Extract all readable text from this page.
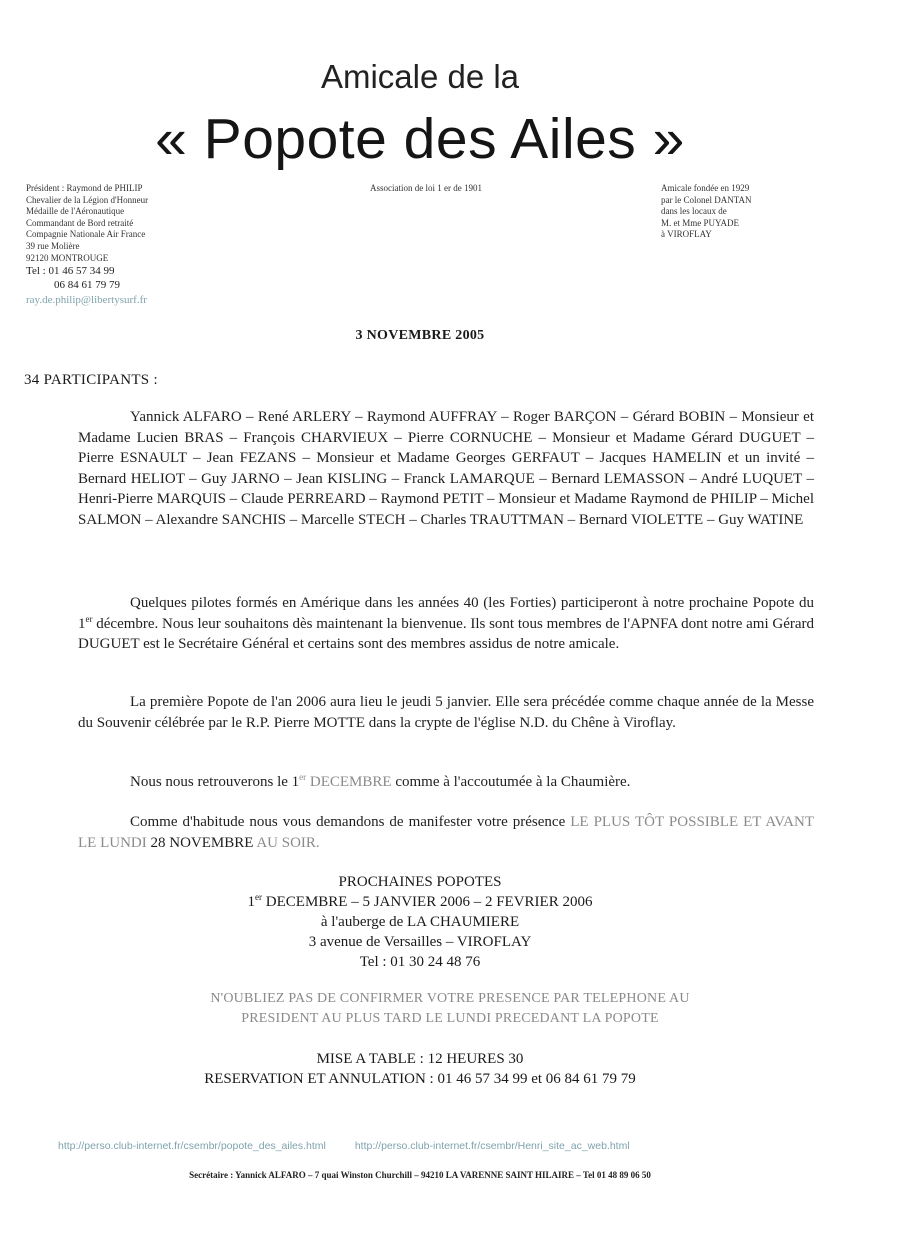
Amicale de la
« Popote des Ailes »
Président : Raymond de PHILIP
Chevalier de la Légion d'Honneur
Médaille de l'Aéronautique
Commandant de Bord retraité
Compagnie Nationale Air France
39 rue Molière
92120 MONTROUGE
Tel : 01 46 57 34 99
06 84 61 79 79
ray.de.philip@libertysurf.fr
Association de loi 1 er de 1901	Amicale fondée en 1929
par le Colonel DANTAN
dans les locaux de
M. et Mme PUYADE
à VIROFLAY
3 NOVEMBRE 2005
34 PARTICIPANTS :
Yannick ALFARO – René ARLERY – Raymond AUFFRAY – Roger BARÇON – Gérard BOBIN – Monsieur et Madame Lucien BRAS – François CHARVIEUX – Pierre CORNUCHE – Monsieur et Madame Gérard DUGUET – Pierre ESNAULT – Jean FEZANS – Monsieur et Madame Georges GERFAUT – Jacques HAMELIN et un invité – Bernard HELIOT – Guy JARNO – Jean KISLING – Franck LAMARQUE – Bernard LEMASSON – André LUQUET – Henri-Pierre MARQUIS – Claude PERREARD – Raymond PETIT – Monsieur et Madame Raymond de PHILIP – Michel SALMON – Alexandre SANCHIS – Marcelle STECH – Charles TRAUTTMAN – Bernard VIOLETTE – Guy WATINE
Quelques pilotes formés en Amérique dans les années 40 (les Forties) participeront à notre prochaine Popote du 1er décembre. Nous leur souhaitons dès maintenant la bienvenue. Ils sont tous membres de l'APNFA dont notre ami Gérard DUGUET est le Secrétaire Général et certains sont des membres assidus de notre amicale.
La première Popote de l'an 2006 aura lieu le jeudi 5 janvier. Elle sera précédée comme chaque année de la Messe du Souvenir célébrée par le R.P. Pierre MOTTE dans la crypte de l'église N.D. du Chêne à Viroflay.
Nous nous retrouverons le 1er DECEMBRE comme à l'accoutumée à la Chaumière.
Comme d'habitude nous vous demandons de manifester votre présence LE PLUS TÔT POSSIBLE ET AVANT LE LUNDI 28 NOVEMBRE AU SOIR.
PROCHAINES POPOTES
1er DECEMBRE – 5 JANVIER 2006 – 2 FEVRIER 2006
à l'auberge de LA CHAUMIERE
3 avenue de Versailles – VIROFLAY
Tel : 01 30 24 48 76
N'OUBLIEZ PAS DE CONFIRMER VOTRE PRESENCE PAR TELEPHONE AU
PRESIDENT AU PLUS TARD LE LUNDI PRECEDANT LA POPOTE
MISE A TABLE : 12 HEURES 30
RESERVATION ET ANNULATION : 01 46 57 34 99 et 06 84 61 79 79
http://perso.club-internet.fr/csembr/popote_des_ailes.html	http://perso.club-internet.fr/csembr/Henri_site_ac_web.html
Secrétaire : Yannick ALFARO – 7 quai Winston Churchill – 94210 LA VARENNE SAINT HILAIRE – Tel 01 48 89 06 50
